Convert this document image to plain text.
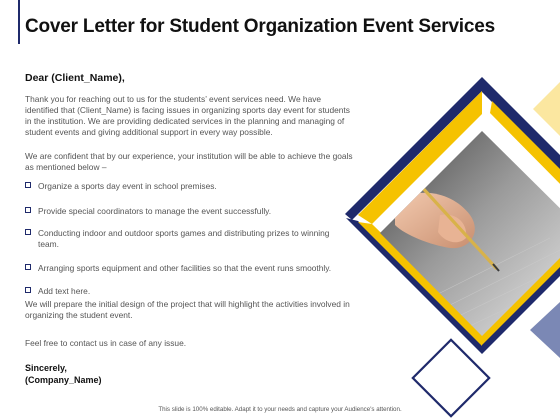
Cover Letter for Student Organization Event Services

Dear (Client_Name),

Thank you for reaching out to us for the students’ event services need. We have identified that (Client_Name) is facing issues in organizing sports day event for students in the institution. We are providing dedicated services in the planning and managing of student events and giving additional support in every way possible.

We are confident that by our experience, your institution will be able to achieve the goals as mentioned below –

Organize a sports day event in school premises.
Provide special coordinators to manage the event successfully.
Conducting indoor and outdoor sports games and distributing prizes to winning team.
Arranging sports equipment and other facilities so that the event runs smoothly.
Add text here.

We will prepare the initial design of the project that will highlight the activities involved in organizing the student event.

Feel free to contact us in case of any issue.

Sincerely,
(Company_Name)

This slide is 100% editable. Adapt it to your needs and capture your Audience's attention.
